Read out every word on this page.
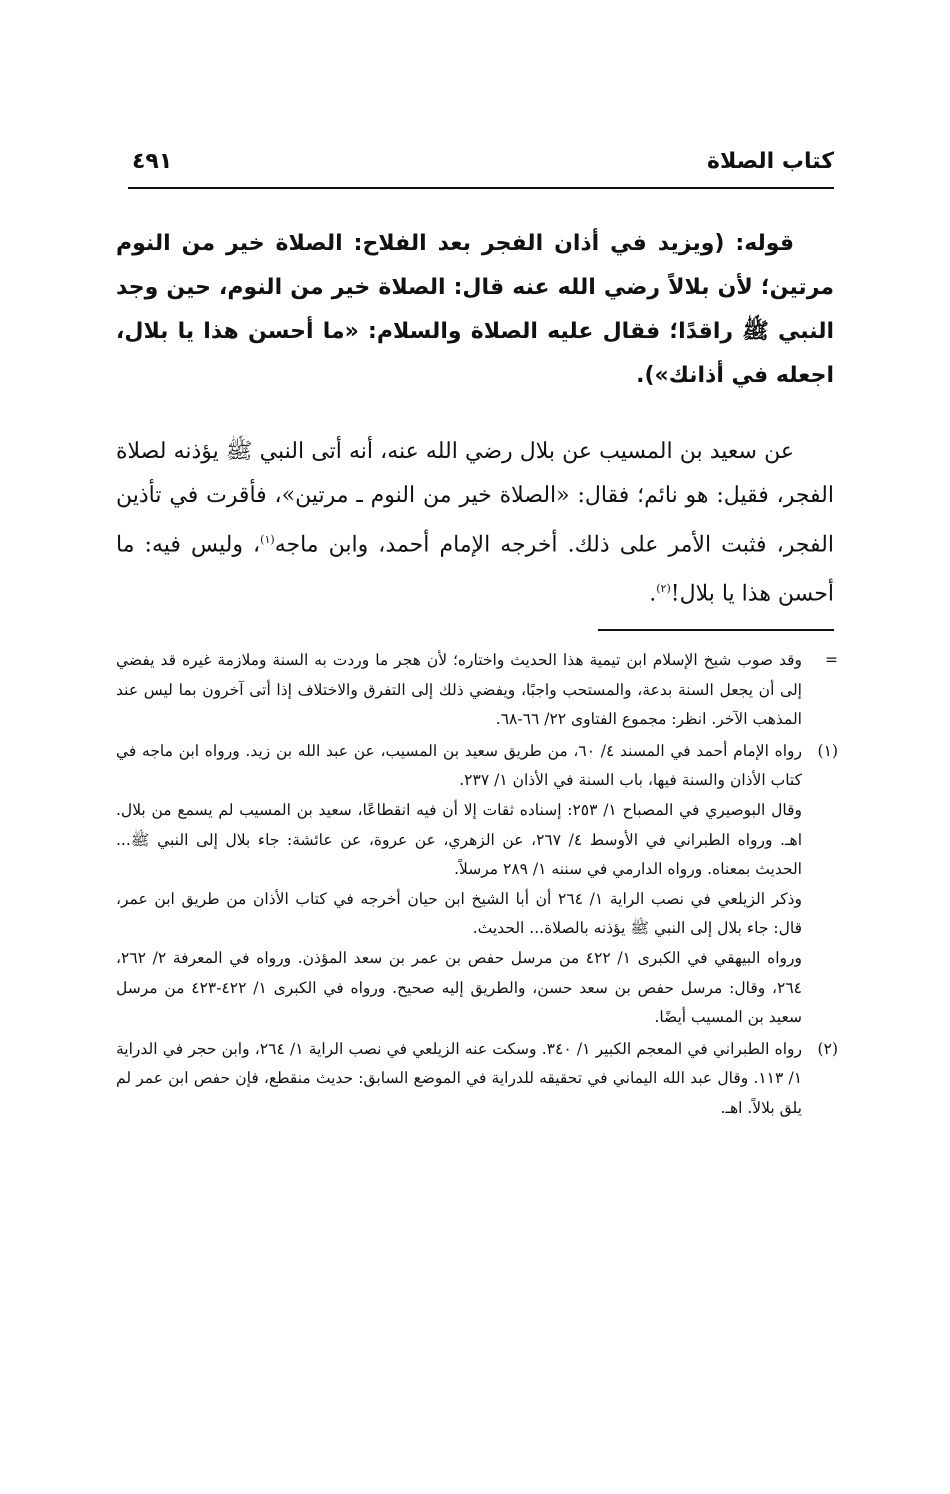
كتاب الصلاة
٤٩١

قوله: (ويزيد في أذان الفجر بعد الفلاح: الصلاة خير من النوم مرتين؛ لأن بلالاً رضي الله عنه قال: الصلاة خير من النوم، حين وجد النبي ﷺ راقدًا؛ فقال عليه الصلاة والسلام: «ما أحسن هذا يا بلال، اجعله في أذانك»).

عن سعيد بن المسيب عن بلال رضي الله عنه، أنه أتى النبي ﷺ يؤذنه لصلاة الفجر، فقيل: هو نائم؛ فقال: «الصلاة خير من النوم ـ مرتين»، فأقرت في تأذين الفجر، فثبت الأمر على ذلك. أخرجه الإمام أحمد، وابن ماجه$^{(١)}$، وليس فيه: ما أحسن هذا يا بلال!$^{(٢)}$.

=

وقد صوب شيخ الإسلام ابن تيمية هذا الحديث واختاره؛ لأن هجر ما وردت به السنة وملازمة غيره قد يفضي إلى أن يجعل السنة بدعة، والمستحب واجبًا، ويفضي ذلك إلى التفرق والاختلاف إذا أتى آخرون بما ليس عند المذهب الآخر. انظر: مجموع الفتاوى ٢٢/ ٦٦-٦٨.

(١)

رواه الإمام أحمد في المسند ٤/ ٦٠، من طريق سعيد بن المسيب، عن عبد الله بن زيد. ورواه ابن ماجه في كتاب الأذان والسنة فيها، باب السنة في الأذان ١/ ٢٣٧.

وقال البوصيري في المصباح ١/ ٢٥٣: إسناده ثقات إلا أن فيه انقطاعًا، سعيد بن المسيب لم يسمع من بلال. اهـ. ورواه الطبراني في الأوسط ٤/ ٢٦٧، عن الزهري، عن عروة، عن عائشة: جاء بلال إلى النبي ﷺ... الحديث بمعناه. ورواه الدارمي في سننه ١/ ٢٨٩ مرسلاً.

وذكر الزيلعي في نصب الراية ١/ ٢٦٤ أن أبا الشيخ ابن حيان أخرجه في كتاب الأذان من طريق ابن عمر، قال: جاء بلال إلى النبي ﷺ يؤذنه بالصلاة... الحديث.

ورواه البيهقي في الكبرى ١/ ٤٢٢ من مرسل حفص بن عمر بن سعد المؤذن. ورواه في المعرفة ٢/ ٢٦٢، ٢٦٤، وقال: مرسل حفص بن سعد حسن، والطريق إليه صحيح. ورواه في الكبرى ١/ ٤٢٢-٤٢٣ من مرسل سعيد بن المسيب أيضًا.

(٢)

رواه الطبراني في المعجم الكبير ١/ ٣٤٠. وسكت عنه الزيلعي في نصب الراية ١/ ٢٦٤، وابن حجر في الدراية ١/ ١١٣. وقال عبد الله اليماني في تحقيقه للدراية في الموضع السابق: حديث منقطع، فإن حفص ابن عمر لم يلق بلالاً. اهـ.
